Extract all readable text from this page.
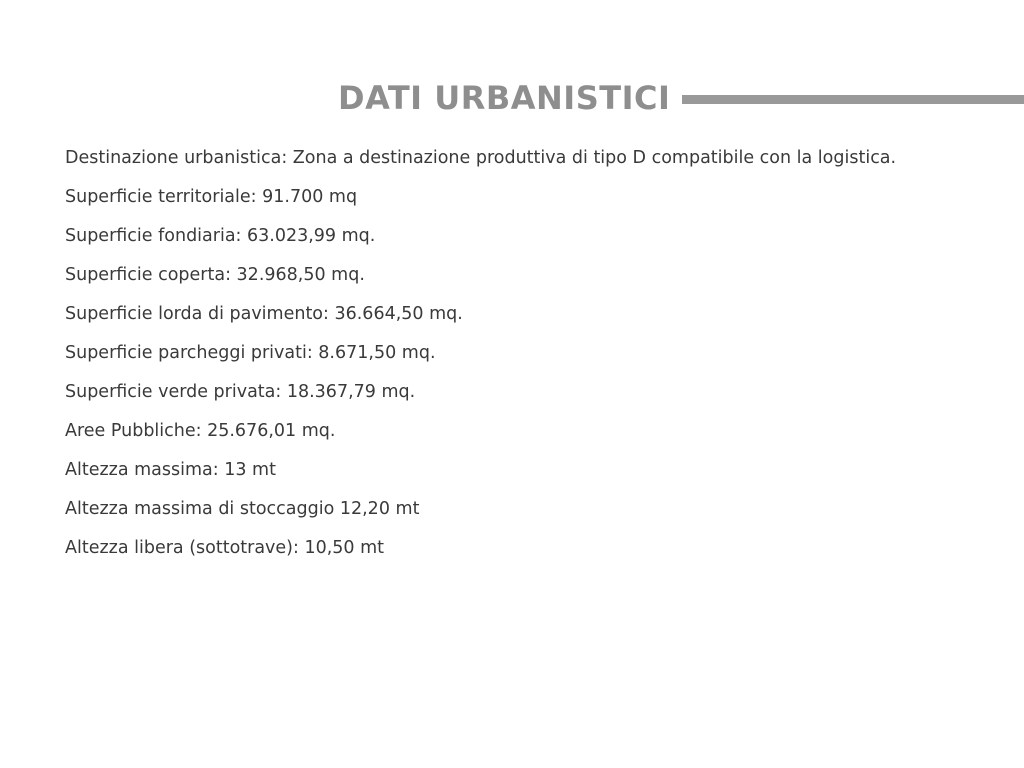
DATI URBANISTICI
Destinazione urbanistica: Zona a destinazione produttiva di tipo D compatibile con la logistica.
Superficie territoriale: 91.700 mq
Superficie fondiaria: 63.023,99 mq.
Superficie coperta: 32.968,50 mq.
Superficie lorda di pavimento: 36.664,50 mq.
Superficie parcheggi privati: 8.671,50 mq.
Superficie verde privata: 18.367,79 mq.
Aree Pubbliche: 25.676,01 mq.
Altezza massima: 13 mt
Altezza massima di stoccaggio 12,20 mt
Altezza libera (sottotrave): 10,50 mt
